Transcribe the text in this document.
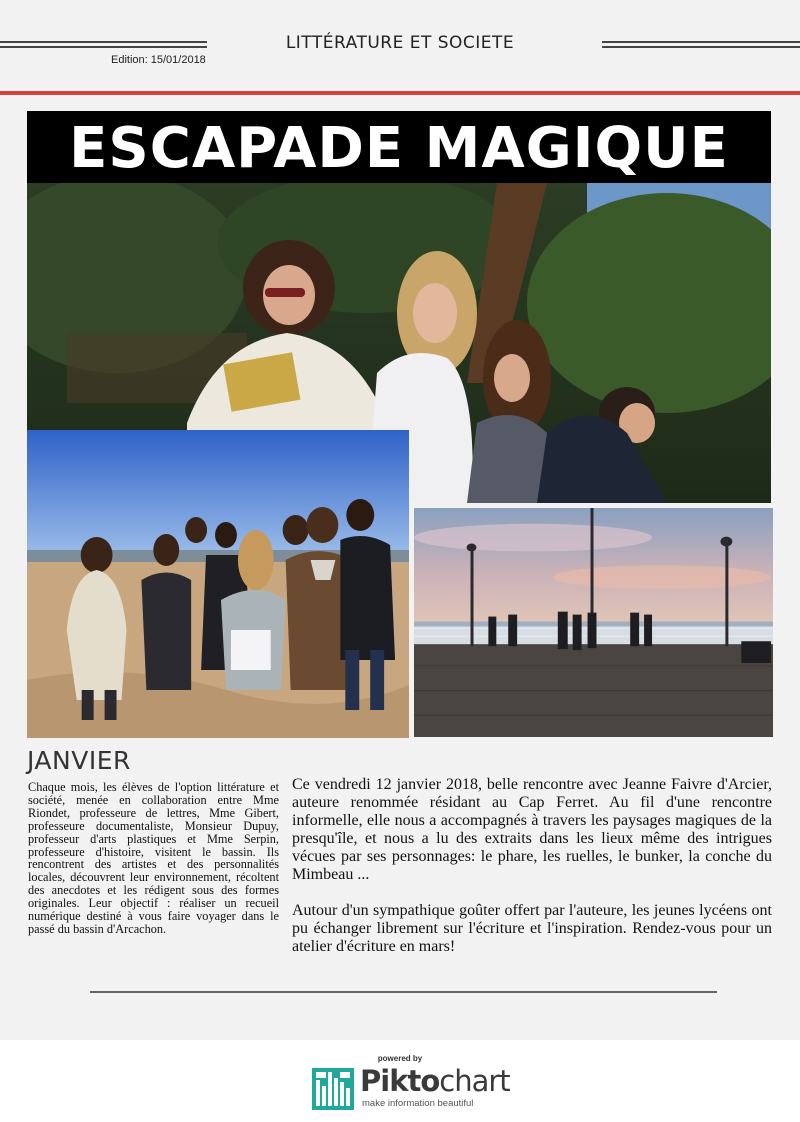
LITTÉRATURE ET SOCIETE
Edition: 15/01/2018
ESCAPADE MAGIQUE
JANVIER
Chaque mois, les élèves de l'option littérature et société, menée en collaboration entre Mme Riondet, professeure de lettres, Mme Gibert, professeure documentaliste, Monsieur Dupuy, professeur d'arts plastiques et Mme Serpin, professeure d'histoire, visitent le bassin. Ils rencontrent des artistes et des personnalités locales, découvrent leur environnement, récoltent des anecdotes et les rédigent sous des formes originales. Leur objectif : réaliser un recueil numérique destiné à vous faire voyager dans le passé du bassin d'Arcachon.

Ce vendredi 12 janvier 2018, belle rencontre avec Jeanne Faivre d'Arcier, auteure renommée résidant au Cap Ferret. Au fil d'une rencontre informelle, elle nous a accompagnés à travers les paysages magiques de la presqu'île, et nous a lu des extraits dans les lieux même des intrigues vécues par ses personnages: le phare, les ruelles, le bunker, la conche du Mimbeau ...

Autour d'un sympathique goûter offert par l'auteure, les jeunes lycéens ont pu échanger librement sur l'écriture et l'inspiration. Rendez-vous pour un atelier d'écriture en mars!

powered by
Piktochart
make information beautiful
